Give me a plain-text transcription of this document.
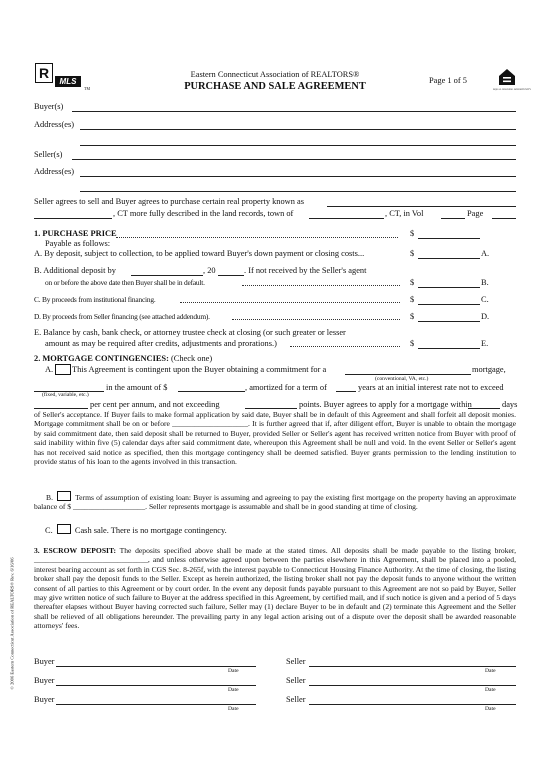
R
MLS
TM	EQUAL HOUSING OPPORTUNITY
Eastern Connecticut Association of REALTORS®
PURCHASE AND SALE AGREEMENT
Page 1 of 5
Buyer(s)
Address(es)
Seller(s)
Address(es)
Seller agrees to sell and Buyer agrees to purchase certain real property known as
, CT more fully described in the land records, town of	, CT, in Vol	Page
1. PURCHASE PRICE	$
Payable as follows:
A. By deposit, subject to collection, to be applied toward Buyer's down payment or closing costs...	$	A.
B. Additional deposit by	, 20	. If not received by the Seller's agent
on or before the above date then Buyer shall be in default.	$	B.
C. By proceeds from institutional financing.	$	C.
D. By proceeds from Seller financing (see attached addendum).	$	D.
E. Balance by cash, bank check, or attorney trustee check at closing (or such greater or lesser
amount as may be required after credits, adjustments and prorations.)	$	E.
2. MORTGAGE CONTINGENCIES: (Check one)
A. This Agreement is contingent upon the Buyer obtaining a commitment for a	mortgage,
(conventional, VA, etc.)
in the amount of $	, amortized for a term of	years at an initial interest rate not to exceed
(fixed, variable, etc.)
per cent per annum, and not exceeding	points. Buyer agrees to apply for a mortgage within	days
of Seller's acceptance. If Buyer fails to make formal application by said date, Buyer shall be in default of this Agreement and shall forfeit all deposit monies. Mortgage commitment shall be on or before ____________________. It is further agreed that if, after diligent effort, Buyer is unable to obtain the mortgage by said commitment date, then said deposit shall be returned to Buyer, provided Seller or Seller's agent has received written notice from Buyer with proof of said inability within five (5) calendar days after said commitment date, whereupon this Agreement shall be null and void. In the event Seller or Seller's agent has not received said notice as specified, then this mortgage contingency shall be deemed satisfied. Buyer grants permission to the lending institution to provide status of his loan to the agents involved in this transaction.
B.	Terms of assumption of existing loan: Buyer is assuming and agreeing to pay the existing first mortgage on the property having an approximate balance of $ ___________________. Seller represents mortgage is assumable and shall be in good standing at time of closing.
C.	Cash sale. There is no mortgage contingency.
3. ESCROW DEPOSIT: The deposits specified above shall be made at the stated times. All deposits shall be made payable to the listing broker, ______________________________, and unless otherwise agreed upon between the parties elsewhere in this Agreement, shall be placed into a pooled, interest bearing account as set forth in CGS Sec. 8-265f, with the interest payable to Connecticut Housing Finance Authority. At the time of closing, the listing broker shall pay the deposit funds to the Seller. Except as herein authorized, the listing broker shall not pay the deposit funds to anyone without the written consent of all parties to this Agreement or by court order. In the event any deposit funds payable pursuant to this Agreement are not so paid by Buyer, Seller may give written notice of such failure to Buyer at the address specified in this Agreement, by certified mail, and if such notice is given and a period of 5 days thereafter elapses without Buyer having corrected such failure, Seller may (1) declare Buyer to be in default and (2) terminate this Agreement and the Seller shall be relieved of all obligations hereunder. The prevailing party in any legal action arising out of a dispute over the deposit shall be awarded reasonable attorneys' fees.
Buyer
Date
Seller
Date
Buyer
Date
Seller
Date
Buyer
Date
Seller
Date
© 2006 Eastern Connecticut Association of REALTORS® Rev. 6/16/06
